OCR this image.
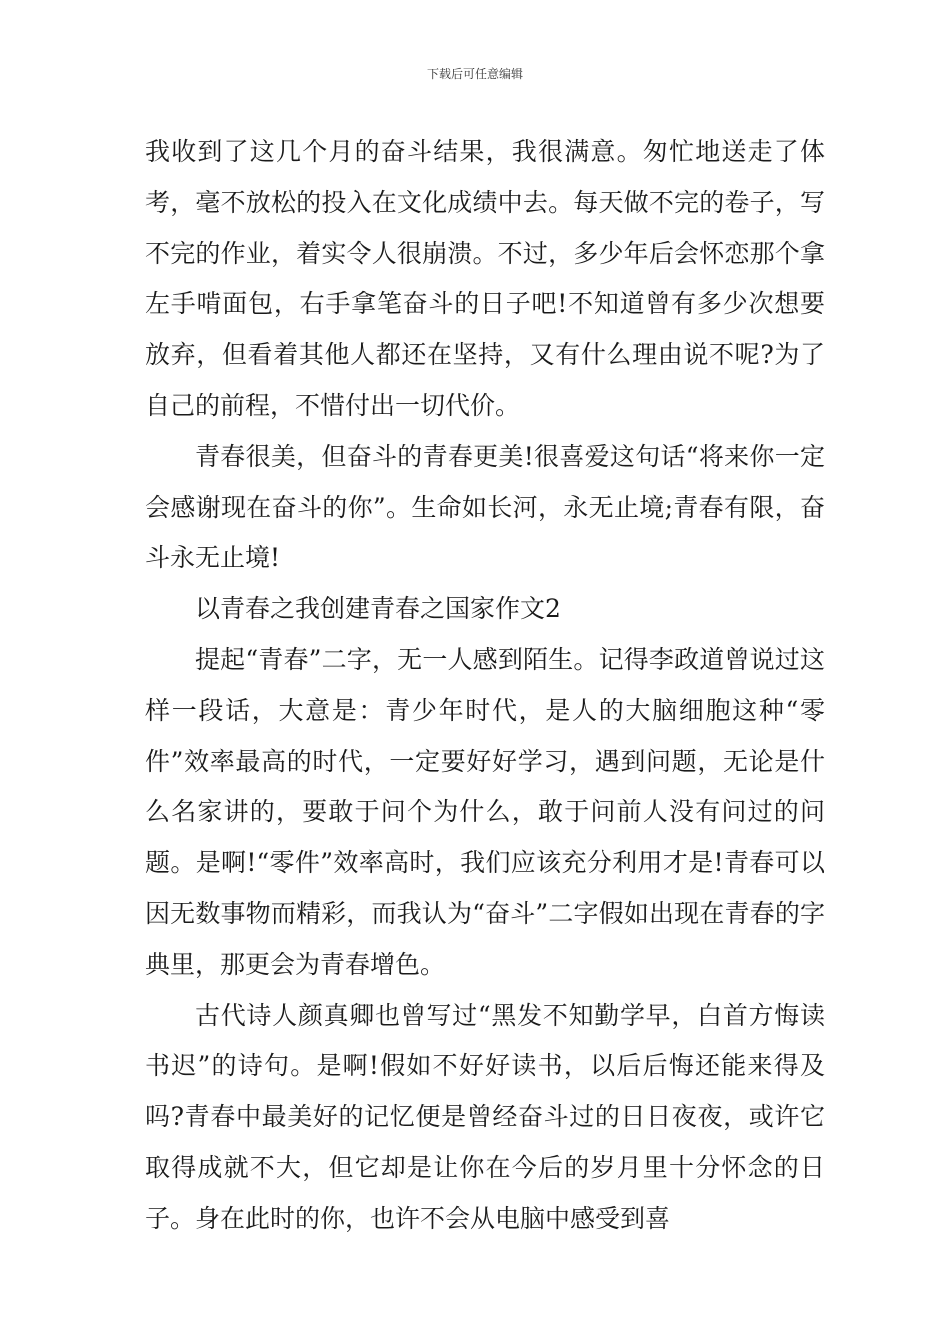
下载后可任意编辑

我收到了这几个月的奋斗结果，我很满意。匆忙地送走了体考，毫不放松的投入在文化成绩中去。每天做不完的卷子，写不完的作业，着实令人很崩溃。不过，多少年后会怀恋那个拿左手啃面包，右手拿笔奋斗的日子吧!不知道曾有多少次想要放弃，但看着其他人都还在坚持，又有什么理由说不呢?为了自己的前程，不惜付出一切代价。

青春很美，但奋斗的青春更美!很喜爱这句话“将来你一定会感谢现在奋斗的你”。生命如长河，永无止境;青春有限，奋斗永无止境!

以青春之我创建青春之国家作文2

提起“青春”二字，无一人感到陌生。记得李政道曾说过这样一段话，大意是：青少年时代，是人的大脑细胞这种“零件”效率最高的时代，一定要好好学习，遇到问题，无论是什么名家讲的，要敢于问个为什么，敢于问前人没有问过的问题。是啊!“零件”效率高时，我们应该充分利用才是!青春可以因无数事物而精彩，而我认为“奋斗”二字假如出现在青春的字典里，那更会为青春增色。

古代诗人颜真卿也曾写过“黑发不知勤学早，白首方悔读书迟”的诗句。是啊!假如不好好读书，以后后悔还能来得及吗?青春中最美好的记忆便是曾经奋斗过的日日夜夜，或许它取得成就不大，但它却是让你在今后的岁月里十分怀念的日子。身在此时的你，也许不会从电脑中感受到喜
